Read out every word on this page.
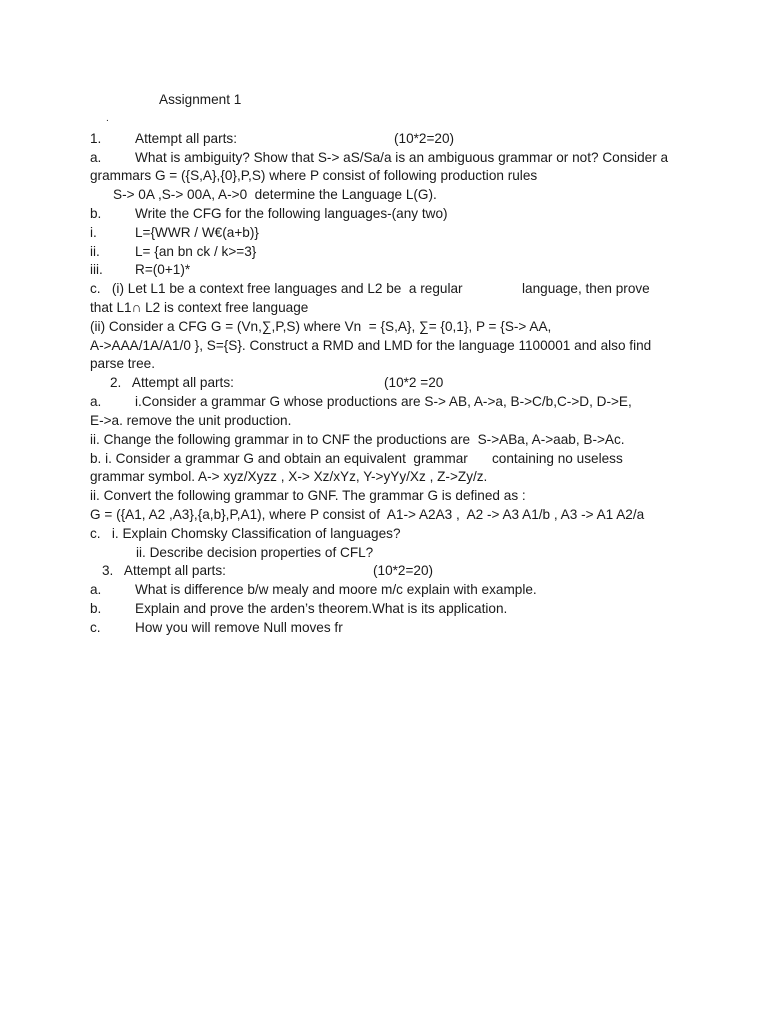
Assignment 1
.
1. Attempt all parts:	(10*2=20)
a. What is ambiguity? Show that S-> aS/Sa/a is an ambiguous grammar or not? Consider a
grammars G = ({S,A},{0},P,S) where P consist of following production rules
S-> 0A ,S-> 00A, A->0  determine the Language L(G).
b. Write the CFG for the following languages-(any two)
i.	L={WWR / W€(a+b)}
ii.	L= {an bn ck / k>=3}
iii. R=(0+1)*
c.   (i) Let L1 be a context free languages and L2 be  a regular	language, then prove
that L1∩ L2 is context free language
(ii) Consider a CFG G = (Vn,∑,P,S) where Vn  = {S,A}, ∑= {0,1}, P = {S-> AA,
A->AAA/1A/A1/0 }, S={S}. Construct a RMD and LMD for the language 1100001 and also find
parse tree.
2.   Attempt all parts:	(10*2 =20
a. i.Consider a grammar G whose productions are S-> AB, A->a, B->C/b,C->D, D->E,
E->a. remove the unit production.
ii. Change the following grammar in to CNF the productions are  S->ABa, A->aab, B->Ac.
b. i. Consider a grammar G and obtain an equivalent  grammar containing no useless
grammar symbol. A-> xyz/Xyzz , X-> Xz/xYz, Y->yYy/Xz , Z->Zy/z.
ii. Convert the following grammar to GNF. The grammar G is defined as :
G = ({A1, A2 ,A3},{a,b},P,A1), where P consist of  A1-> A2A3 ,  A2 -> A3 A1/b , A3 -> A1 A2/a
c.   i. Explain Chomsky Classification of languages?
ii. Describe decision properties of CFL?
3.   Attempt all parts:	(10*2=20)
a. What is difference b/w mealy and moore m/c explain with example.
b. Explain and prove the arden’s theorem.What is its application.
c.	How you will remove Null moves fr
